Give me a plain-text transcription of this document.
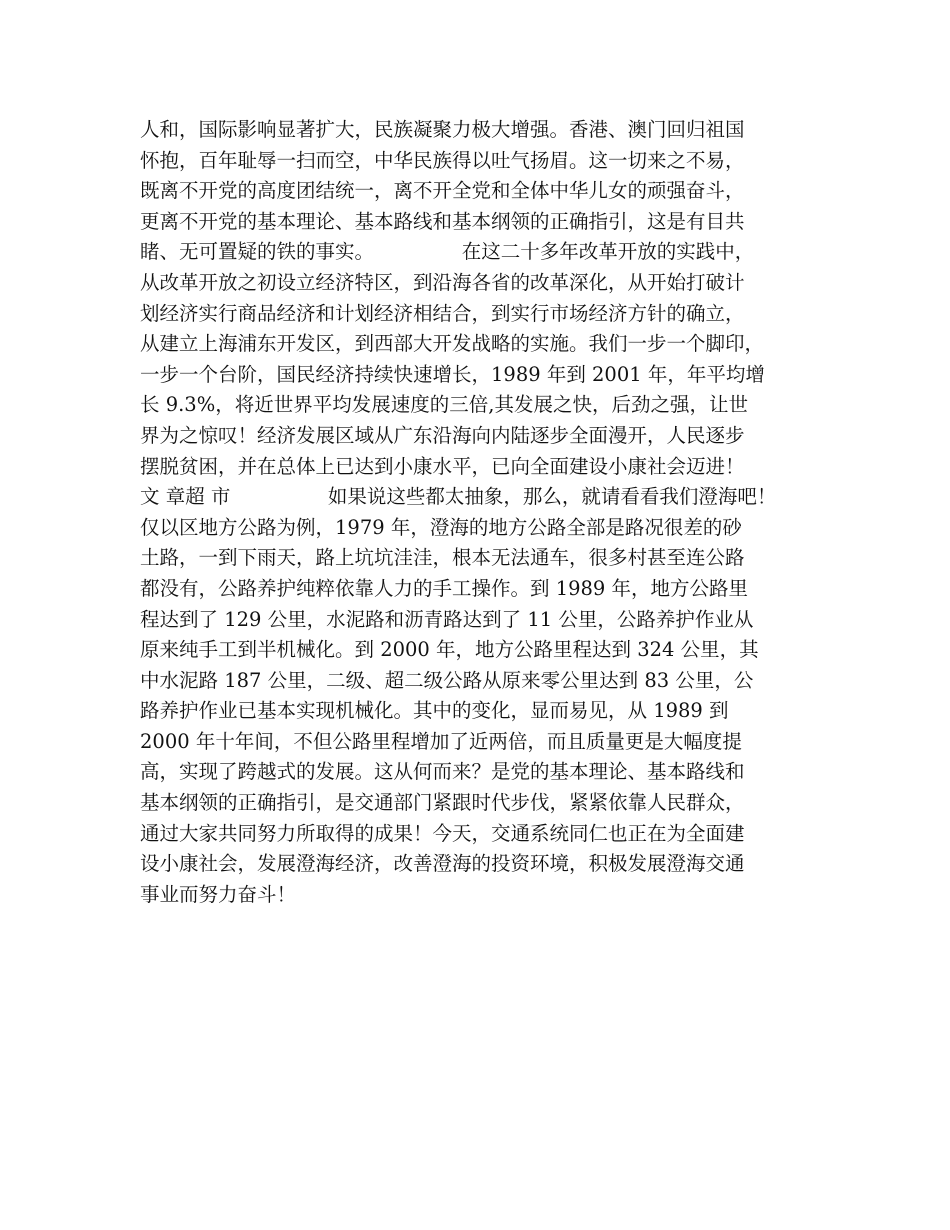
人和，国际影响显著扩大，民族凝聚力极大增强。香港、澳门回归祖国
怀抱，百年耻辱一扫而空，中华民族得以吐气扬眉。这一切来之不易，
既离不开党的高度团结统一，离不开全党和全体中华儿女的顽强奋斗，
更离不开党的基本理论、基本路线和基本纲领的正确指引，这是有目共
睹、无可置疑的铁的事实。　　　　　在这二十多年改革开放的实践中，
从改革开放之初设立经济特区，到沿海各省的改革深化，从开始打破计
划经济实行商品经济和计划经济相结合，到实行市场经济方针的确立，
从建立上海浦东开发区，到西部大开发战略的实施。我们一步一个脚印，
一步一个台阶，国民经济持续快速增长，1989 年到 2001 年，年平均增
长 9.3%，将近世界平均发展速度的三倍,其发展之快，后劲之强，让世
界为之惊叹！经济发展区域从广东沿海向内陆逐步全面漫开，人民逐步
摆脱贫困，并在总体上已达到小康水平，已向全面建设小康社会迈进！
文 章超 市　　　　　如果说这些都太抽象，那么，就请看看我们澄海吧！
仅以区地方公路为例，1979 年，澄海的地方公路全部是路况很差的砂
土路，一到下雨天，路上坑坑洼洼，根本无法通车，很多村甚至连公路
都没有，公路养护纯粹依靠人力的手工操作。到 1989 年，地方公路里
程达到了 129 公里，水泥路和沥青路达到了 11 公里，公路养护作业从
原来纯手工到半机械化。到 2000 年，地方公路里程达到 324 公里，其
中水泥路 187 公里，二级、超二级公路从原来零公里达到 83 公里，公
路养护作业已基本实现机械化。其中的变化，显而易见，从 1989 到
2000 年十年间，不但公路里程增加了近两倍，而且质量更是大幅度提
高，实现了跨越式的发展。这从何而来？是党的基本理论、基本路线和
基本纲领的正确指引，是交通部门紧跟时代步伐，紧紧依靠人民群众，
通过大家共同努力所取得的成果！今天，交通系统同仁也正在为全面建
设小康社会，发展澄海经济，改善澄海的投资环境，积极发展澄海交通
事业而努力奋斗！
